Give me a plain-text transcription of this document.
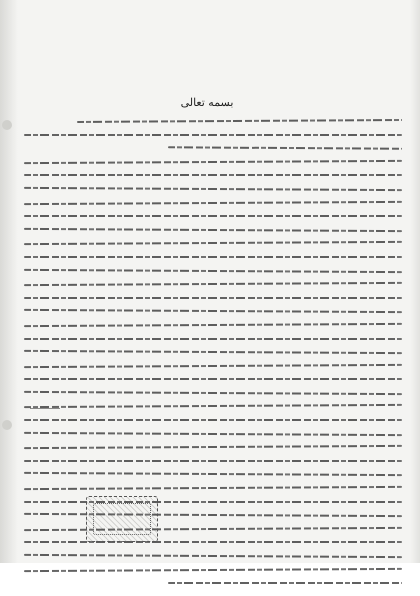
بسمه تعالی
